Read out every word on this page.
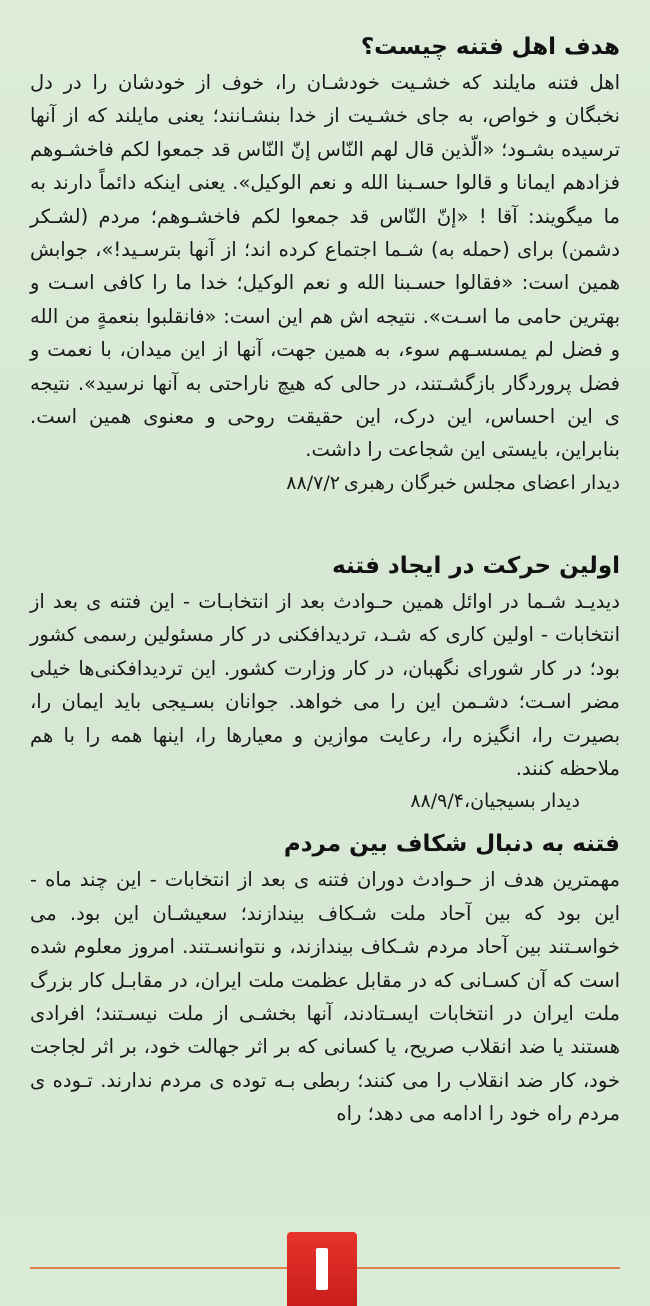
هدف اهل فتنه چیست؟

اهل فتنه مایلند که خشـیت خودشـان را، خوف از خودشان را در دل نخبگان و خواص، به جای خشـیت از خدا بنشـانند؛ یعنی مایلند که از آنها ترسیده بشـود؛ «الّذین قال لهم النّاس إنّ النّاس قد جمعوا لکم فاخشـوهم فزادهم ایمانا و قالوا حسـبنا الله و نعم الوکیل». یعنی اینکه دائماً دارند به ما میگویند: آقا ! «إنّ النّاس قد جمعوا لکم فاخشـوهم؛ مردم (لشـکر دشمن) برای (حمله به) شـما اجتماع کرده اند؛ از آنها بترسـید!»، جوابش همین است: «فقالوا حسـبنا الله و نعم الوکیل؛ خدا ما را کافی اسـت و بهترین حامی ما اسـت». نتیجه اش هم این است: «فانقلبوا بنعمةٍ من الله و فضل لم یمسسـهم سوء، به همین جهت، آنها از این میدان، با نعمت و فضل پروردگار بازگشـتند، در حالی که هیچ ناراحتی به آنها نرسید». نتیجه ی این احساس، این درک، این حقیقت روحی و معنوی همین است. بنابراین، بایستی این شجاعت را داشت.

دیدار اعضای مجلس خبرگان رهبری۸۸/۷/۲

اولین حرکت در ایجاد فتنه

دیدیـد شـما در اوائل همین حـوادث بعد از انتخابـات - این فتنه ی بعد از انتخابات - اولین کاری که شـد، تردیدافکنی در کار مسئولین رسمی کشور بود؛ در کار شورای نگهبان، در کار وزارت کشور. این تردیدافکنی‌ها خیلی مضر اسـت؛ دشـمن این را می خواهد. جوانان بسـیجی باید ایمان را، بصیرت را، انگیزه را، رعایت موازین و معیارها را، اینها همه را با هم ملاحظه کنند.

دیدار بسیجیان،۸۸/۹/۴

فتنه به دنبال شکاف بین مردم

مهمترین هدف از حـوادث دوران فتنه ی بعد از انتخابات - این چند ماه - این بود که بین آحاد ملت شـکاف بیندازند؛ سعیشـان این بود. می خواسـتند بین آحاد مردم شـکاف بیندازند، و نتوانسـتند. امروز معلوم شده است که آن کسـانی که در مقابل عظمت ملت ایران، در مقابـل کار بزرگ ملت ایران در انتخابات ایسـتادند، آنها بخشـی از ملت نیسـتند؛ افرادی هستند یا ضد انقلاب صریح، یا کسانی که بر اثر جهالت خود، بر اثر لجاجت خود، کار ضد انقلاب را می کنند؛ ربطی بـه توده ی مردم ندارند. تـوده ی مردم راه خود را ادامه می دهد؛ راه
